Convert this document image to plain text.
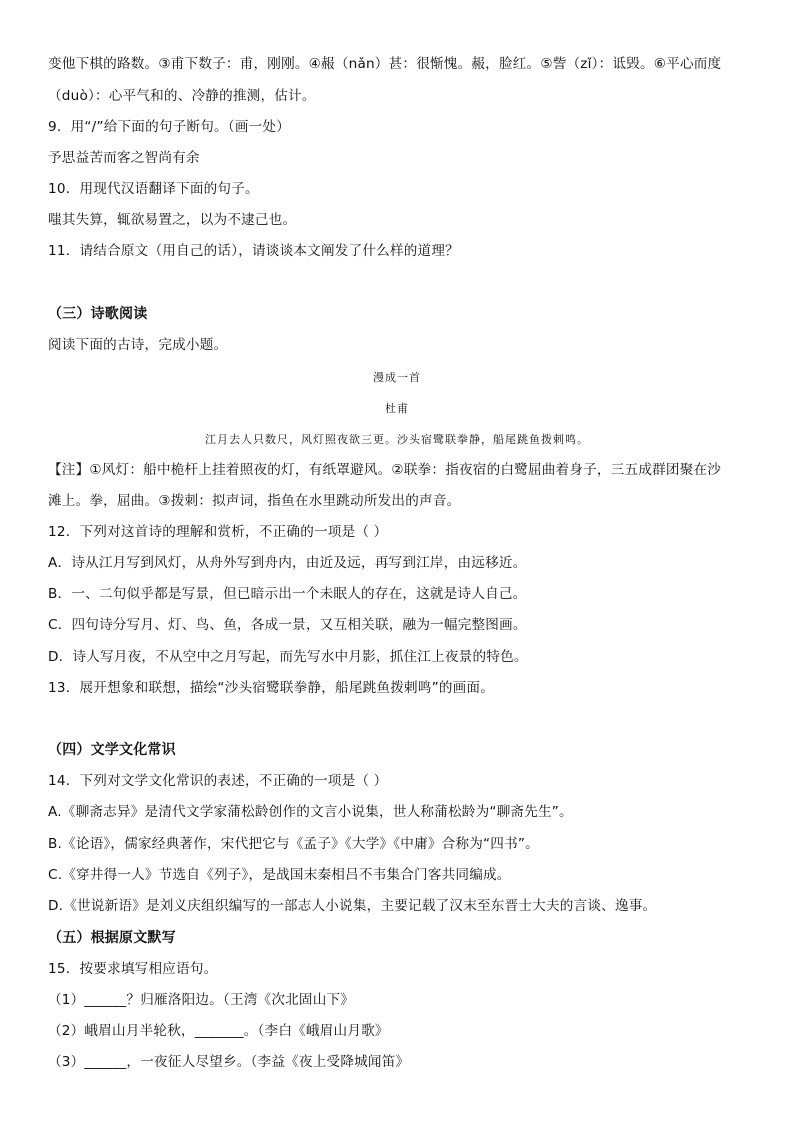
变他下棋的路数。③甫下数子：甫，刚刚。④赧（nǎn）甚：很惭愧。赧，脸红。⑤訾（zǐ）：诋毁。⑥平心而度
（duò）：心平气和的、冷静的推测，估计。
9．用“/”给下面的句子断句。（画一处）
予思益苦而客之智尚有余
10．用现代汉语翻译下面的句子。
嗤其失算，辄欲易置之，以为不逮己也。
11．请结合原文（用自己的话），请谈谈本文阐发了什么样的道理？
（三）诗歌阅读
阅读下面的古诗，完成小题。
漫成一首
杜甫
江月去人只数尺，风灯照夜欲三更。沙头宿鹭联拳静，船尾跳鱼拨剌鸣。
【注】①风灯：船中桅杆上挂着照夜的灯，有纸罩避风。②联拳：指夜宿的白鹭屈曲着身子，三五成群团聚在沙
滩上。拳，屈曲。③拨刺：拟声词，指鱼在水里跳动所发出的声音。
12．下列对这首诗的理解和赏析，不正确的一项是（ ）
A．诗从江月写到风灯，从舟外写到舟内，由近及远，再写到江岸，由远移近。
B．一、二句似乎都是写景，但已暗示出一个未眠人的存在，这就是诗人自己。
C．四句诗分写月、灯、鸟、鱼，各成一景，又互相关联，融为一幅完整图画。
D．诗人写月夜，不从空中之月写起，而先写水中月影，抓住江上夜景的特色。
13．展开想象和联想，描绘“沙头宿鹭联拳静，船尾跳鱼拨剌鸣”的画面。
（四）文学文化常识
14．下列对文学文化常识的表述，不正确的一项是（ ）
A.《聊斋志异》是清代文学家蒲松龄创作的文言小说集，世人称蒲松龄为“聊斋先生”。
B.《论语》，儒家经典著作，宋代把它与《孟子》《大学》《中庸》合称为“四书”。
C.《穿井得一人》节选自《列子》，是战国末秦相吕不韦集合门客共同编成。
D.《世说新语》是刘义庆组织编写的一部志人小说集，主要记载了汉末至东晋士大夫的言谈、逸事。
（五）根据原文默写
15．按要求填写相应语句。
（1）______？归雁洛阳边。（王湾《次北固山下》
（2）峨眉山月半轮秋，_______。（李白《峨眉山月歌》
（3）______，一夜征人尽望乡。（李益《夜上受降城闻笛》
